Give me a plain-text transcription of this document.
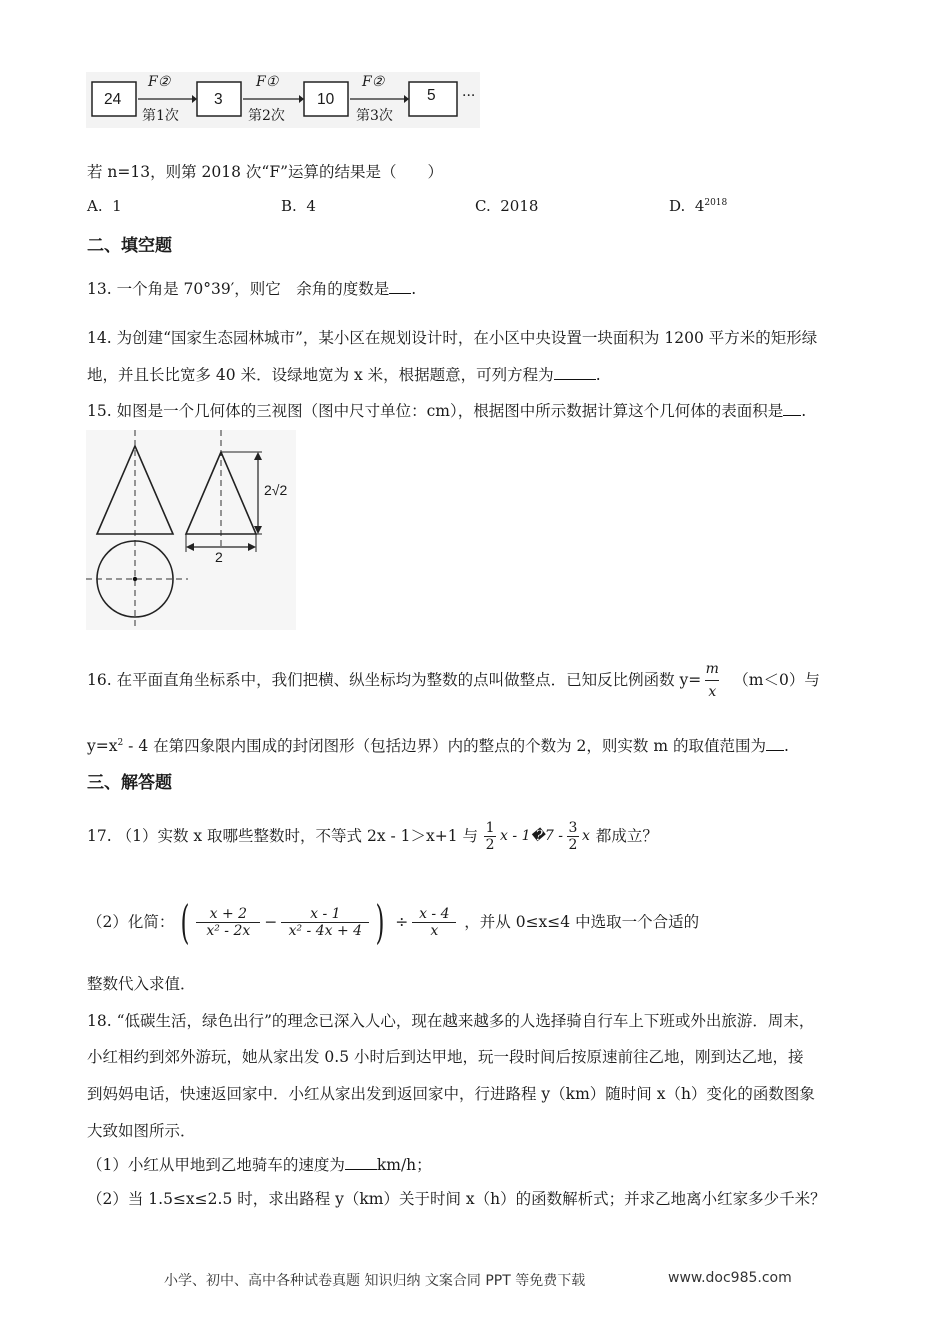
24	3	10	5
F②	F①	F②
第1次	第2次	第3次
···
若 n=13，则第 2018 次“F”运算的结果是（　　）
A. 1	B. 4	C. 2018	D. $4^{2018}$
二、填空题
13. 一个角是 70°39′，则它　余角的度数是 .
14. 为创建“国家生态园林城市”，某小区在规划设计时，在小区中央设置一块面积为 1200 平方米的矩形绿
地，并且长比宽多 40 米．设绿地宽为 x 米，根据题意，可列方程为	.
15. 如图是一个几何体的三视图（图中尺寸单位：cm），根据图中所示数据计算这个几何体的表面积是 .
2√2
2
16. 在平面直角坐标系中，我们把横、纵坐标均为整数的点叫做整点．已知反比例函数 $y= \frac{m}{x} (m<0)$与
$y=x^2 - 4$ 在第四象限内围成的封闭图形（包括边界）内的整点的个数为 2，则实数 m 的取值范围为 .
三、解答题
17. （1）实数 x 取哪些整数时，不等式 2x - 1＞x+1 与 $\frac{1}{2}$ x - 1�7 - $\frac{3}{2}$ x 都成立？
（2）化简： ( $\frac{x + 2}{\text{x² - 2x}} - \frac{x - 1}{\text{x² - 4x + 4}}$ ) ÷ $\frac{x - 4}{x}$ ，并从 0≤x≤4 中选取一个合适的
整数代入求值．
18. “低碳生活，绿色出行”的理念已深入人心，现在越来越多的人选择骑自行车上下班或外出旅游．周末，
小红相约到郊外游玩，她从家出发 0.5 小时后到达甲地，玩一段时间后按原速前往乙地，刚到达乙地，接
到妈妈电话，快速返回家中．小红从家出发到返回家中，行进路程 y（km）随时间 x（h）变化的函数图象
大致如图所示．
（1）小红从甲地到乙地骑车的速度为 km/h；
（2）当 1.5≤x≤2.5 时，求出路程 y（km）关于时间 x（h）的函数解析式；并求乙地离小红家多少千米？
小学、初中、高中各种试卷真题 知识归纳 文案合同 PPT 等免费下载	www.doc985.com
